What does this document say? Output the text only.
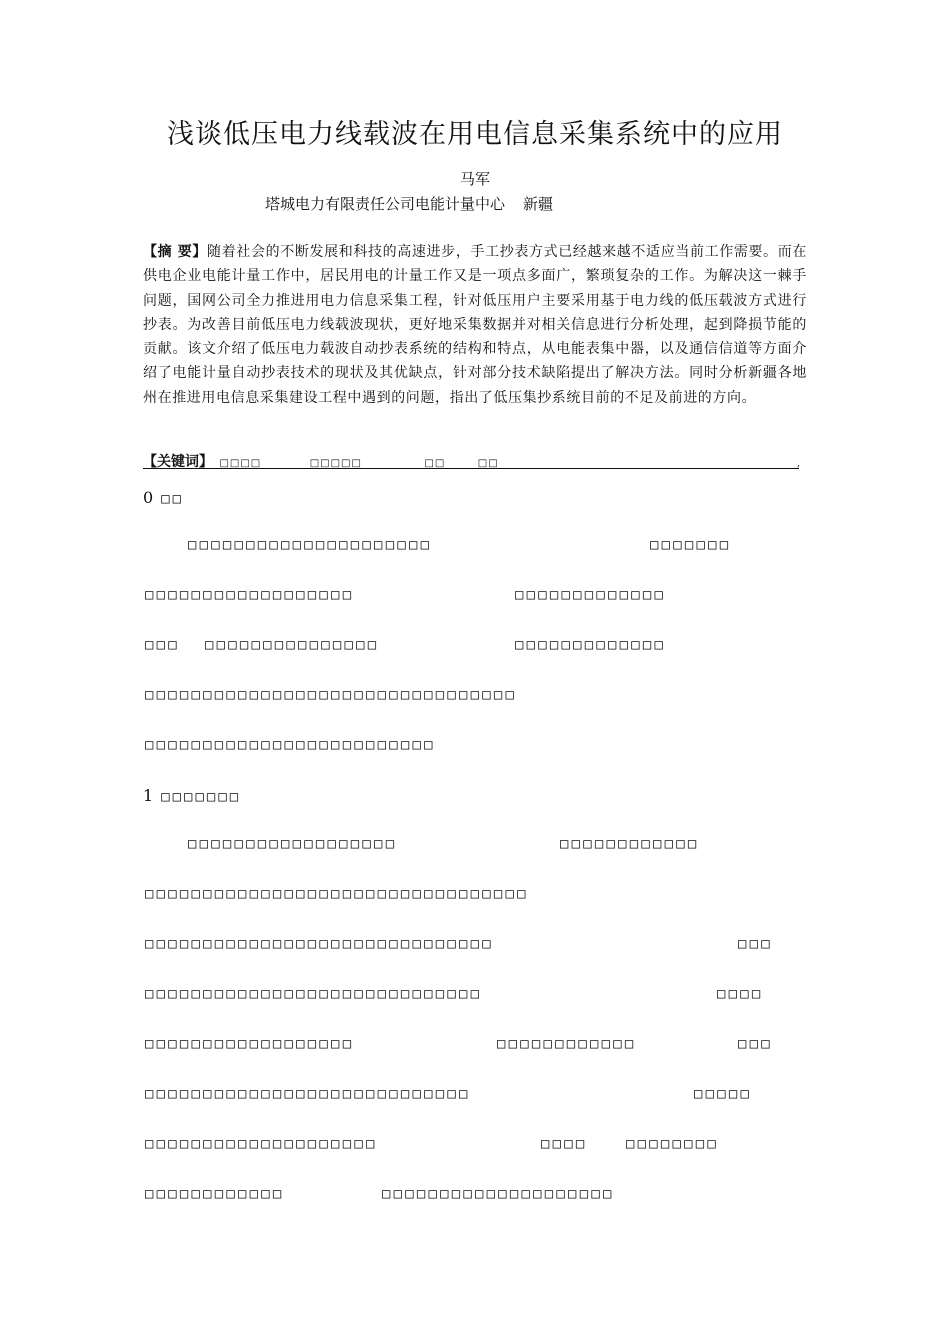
浅谈低压电力线载波在用电信息采集系统中的应用
马军
塔城电力有限责任公司电能计量中心 新疆
【摘 要】随着社会的不断发展和科技的高速进步，手工抄表方式已经越来越不适应当前工作需要。而在供电企业电能计量工作中，居民用电的计量工作又是一项点多面广，繁琐复杂的工作。为解决这一棘手问题，国网公司全力推进用电力信息采集工程，针对低压用户主要采用基于电力线的低压载波方式进行抄表。为改善目前低压电力线载波现状，更好地采集数据并对相关信息进行分析处理，起到降损节能的贡献。该文介绍了低压电力载波自动抄表系统的结构和特点，从电能表集中器，以及通信信道等方面介绍了电能计量自动抄表技术的现状及其优缺点，针对部分技术缺陷提出了解决方法。同时分析新疆各地州在推进用电信息采集建设工程中遇到的问题，指出了低压集抄系统目前的不足及前进的方向。
【关键词】 □□□□	□□□□□	□□	□□	,
0 □□
□□□□□□□□□□□□□□□□□□□□□	□□□□□□□
□□□□□□□□□□□□□□□□□□	□□□□□□□□□□□□□
□□□ □□□□□□□□□□□□□□□	□□□□□□□□□□□□□
□□□□□□□□□□□□□□□□□□□□□□□□□□□□□□□□
□□□□□□□□□□□□□□□□□□□□□□□□□
1 □□□□□□□
□□□□□□□□□□□□□□□□□□	□□□□□□□□□□□□
□□□□□□□□□□□□□□□□□□□□□□□□□□□□□□□□□
□□□□□□□□□□□□□□□□□□□□□□□□□□□□□□	□□□
□□□□□□□□□□□□□□□□□□□□□□□□□□□□□	□□□□
□□□□□□□□□□□□□□□□□□	□□□□□□□□□□□□	□□□
□□□□□□□□□□□□□□□□□□□□□□□□□□□□	□□□□□
□□□□□□□□□□□□□□□□□□□□	□□□□	□□□□□□□□
□□□□□□□□□□□□	□□□□□□□□□□□□□□□□□□□□
